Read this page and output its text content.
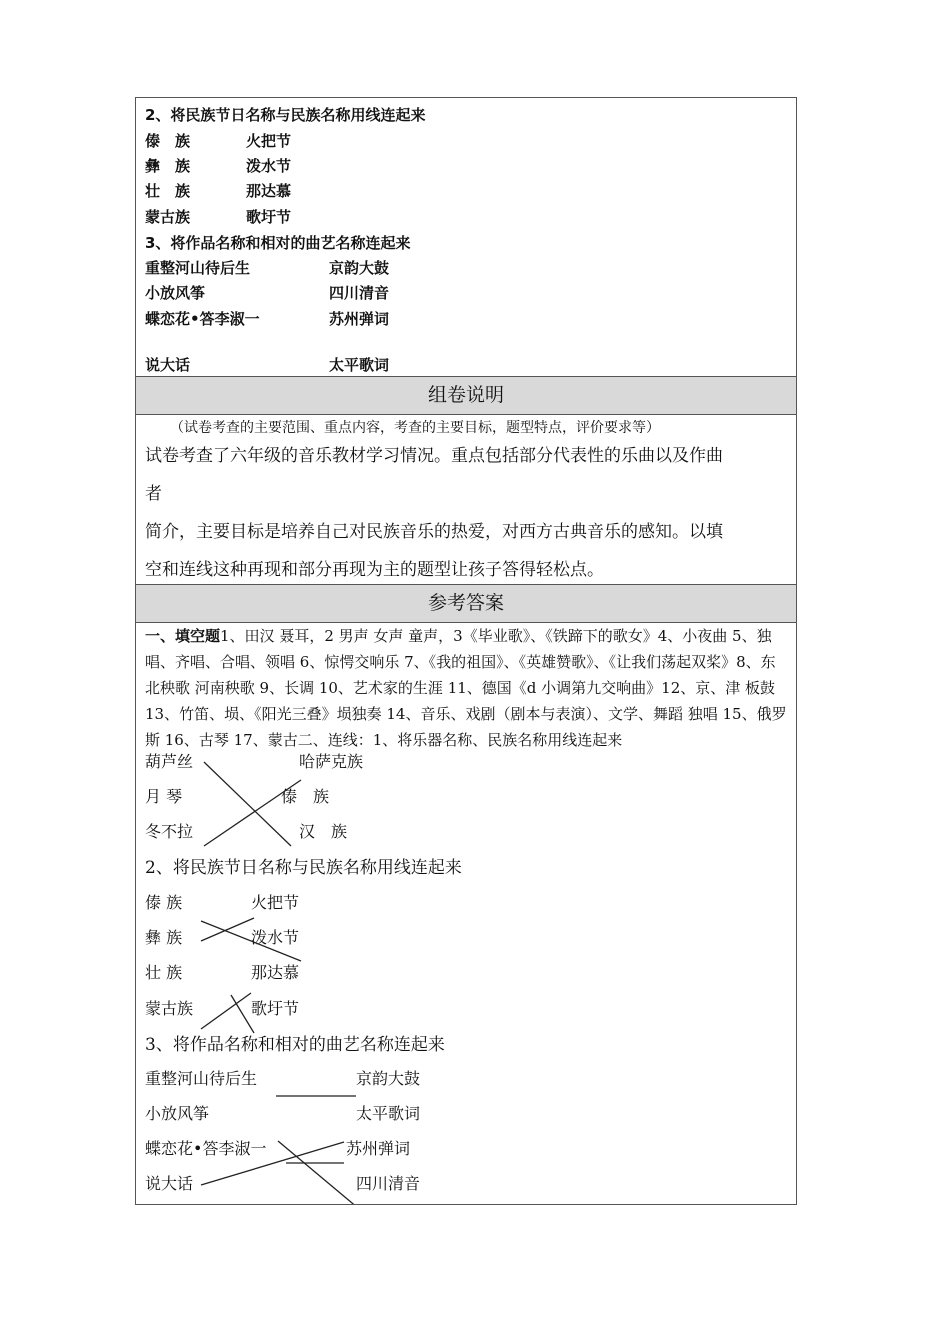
2、将民族节日名称与民族名称用线连起来
傣　族	火把节
彝　族	泼水节
壮　族	那达慕
蒙古族	歌圩节
3、将作品名称和相对的曲艺名称连起来
重整河山待后生	京韵大鼓
小放风筝	四川清音
蝶恋花•答李淑一	苏州弹词
说大话	太平歌词
组卷说明
（试卷考查的主要范围、重点内容，考查的主要目标，题型特点，评价要求等）
试卷考查了六年级的音乐教材学习情况。重点包括部分代表性的乐曲以及作曲
者
简介，主要目标是培养自己对民族音乐的热爱，对西方古典音乐的感知。以填
空和连线这种再现和部分再现为主的题型让孩子答得轻松点。
参考答案
一、填空题1、田汉 聂耳，2 男声 女声 童声，3《毕业歌》、《铁蹄下的歌女》4、小夜曲 5、独唱、齐唱、合唱、领唱 6、惊愕交响乐 7、《我的祖国》、《英雄赞歌》、《让我们荡起双桨》8、东北秧歌 河南秧歌 9、长调 10、艺术家的生涯 11、德国《d 小调第九交响曲》12、京、津 板鼓 13、竹笛、埙、《阳光三叠》埙独奏 14、音乐、戏剧（剧本与表演）、文学、舞蹈 独唱 15、俄罗斯 16、古琴 17、蒙古二、连线：1、将乐器名称、民族名称用线连起来
葫芦丝	哈萨克族
月 琴	傣　族
冬不拉	汉　族
2、将民族节日名称与民族名称用线连起来
傣 族	火把节
彝 族	泼水节
壮 族	那达慕
蒙古族	歌圩节
3、将作品名称和相对的曲艺名称连起来
重整河山待后生	京韵大鼓
小放风筝	太平歌词
蝶恋花•答李淑一	苏州弹词
说大话	四川清音
